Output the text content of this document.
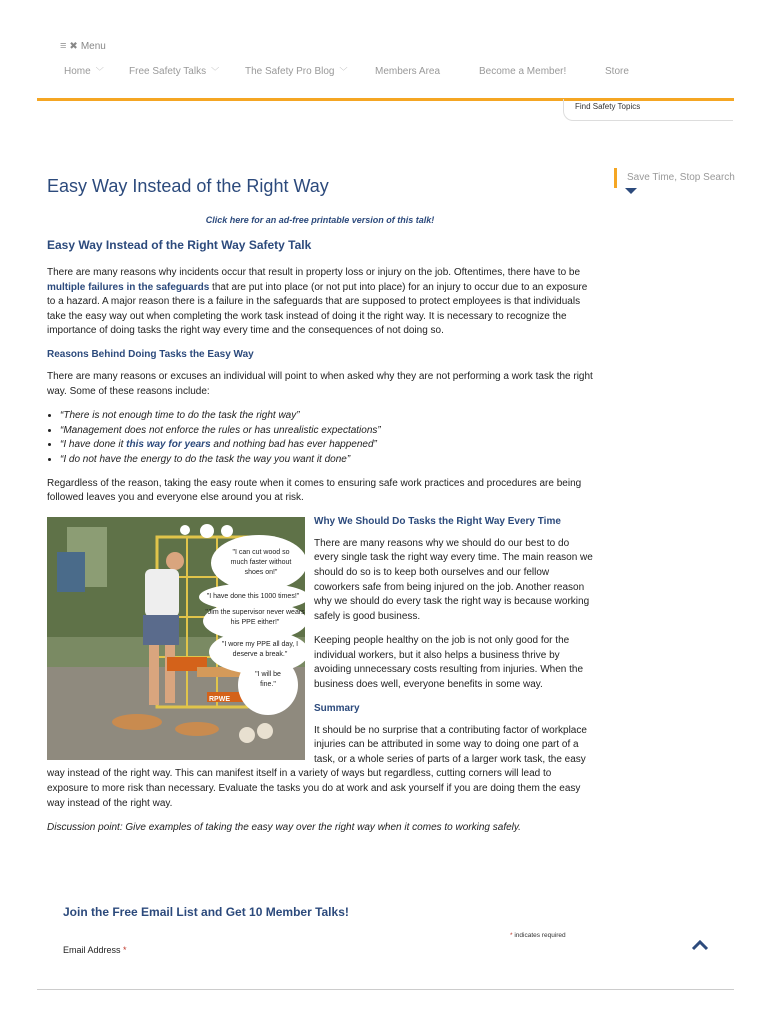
≡ ✖ Menu
Home ﹀	Free Safety Talks ﹀	The Safety Pro Blog ﹀	Members Area	Become a Member!	Store
Find Safety Topics
Save Time, Stop Search
Easy Way Instead of the Right Way
Click here for an ad-free printable version of this talk!
Easy Way Instead of the Right Way Safety Talk

There are many reasons why incidents occur that result in property loss or injury on the job. Oftentimes, there have to be multiple failures in the safeguards that are put into place (or not put into place) for an injury to occur due to an exposure to a hazard. A major reason there is a failure in the safeguards that are supposed to protect employees is that individuals take the easy way out when completing the work task instead of doing it the right way. It is necessary to recognize the importance of doing tasks the right way every time and the consequences of not doing so.

Reasons Behind Doing Tasks the Easy Way

There are many reasons or excuses an individual will point to when asked why they are not performing a work task the right way. Some of these reasons include:

• “There is not enough time to do the task the right way”
• “Management does not enforce the rules or has unrealistic expectations”
• “I have done it this way for years and nothing bad has ever happened”
• “I do not have the energy to do the task the way you want it done”

Regardless of the reason, taking the easy route when it comes to ensuring safe work practices and procedures are being followed leaves you and everyone else around you at risk.

RPWE
"I can cut wood so much faster without shoes on!"
"I have done this 1000 times!"
"Jim the supervisor never wears his PPE either!"
"I wore my PPE all day, I deserve a break."
"I will be fine."
Why We Should Do Tasks the Right Way Every Time

There are many reasons why we should do our best to do every single task the right way every time. The main reason we should do so is to keep both ourselves and our fellow coworkers safe from being injured on the job. Another reason why we should do every task the right way is because working safely is good business.

Keeping people healthy on the job is not only good for the individual workers, but it also helps a business thrive by avoiding unnecessary costs resulting from injuries. When the business does well, everyone benefits in some way.

Summary

It should be no surprise that a contributing factor of workplace injuries can be attributed in some way to doing one part of a task, or a whole series of parts of a larger work task, the easy way instead of the right way. This can manifest itself in a variety of ways but regardless, cutting corners will lead to exposure to more risk than necessary. Evaluate the tasks you do at work and ask yourself if you are doing them the easy way instead of the right way.

Discussion point: Give examples of taking the easy way over the right way when it comes to working safely.

Join the Free Email List and Get 10 Member Talks!
* indicates required
Email Address *
